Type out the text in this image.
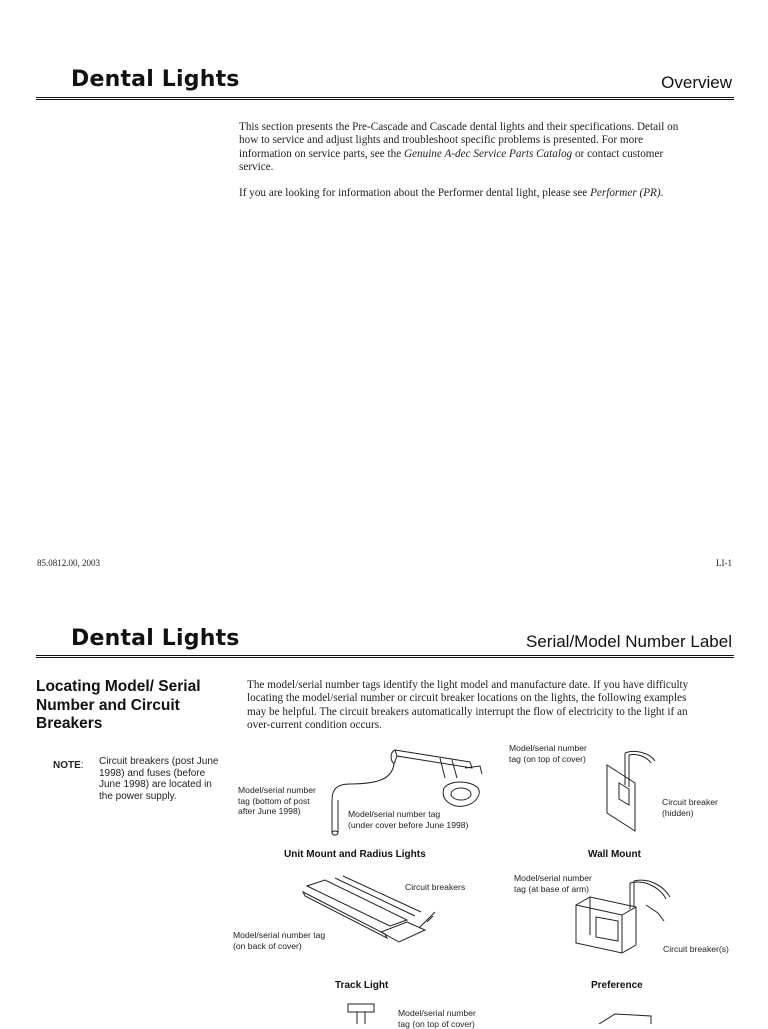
Dental Lights	Overview

This section presents the Pre-Cascade and Cascade dental lights and their specifications. Detail on how to service and adjust lights and troubleshoot specific problems is presented. For more information on service parts, see the Genuine A-dec Service Parts Catalog or contact customer service.

If you are looking for information about the Performer dental light, please see Performer (PR).

85.0812.00, 2003	LI-1
Dental Lights	Serial/Model Number Label
Locating Model/ Serial Number and Circuit Breakers
NOTE: Circuit breakers (post June 1998) and fuses (before June 1998) are located in the power supply.
The model/serial number tags identify the light model and manufacture date. If you have difficulty locating the model/serial number or circuit breaker locations on the lights, the following examples may be helpful. The circuit breakers automatically interrupt the flow of electricity to the light if an over-current condition occurs.
Model/serial number
tag (bottom of post
after June 1998)	Model/serial number tag
(under cover before June 1998)
Unit Mount and Radius Lights
Model/serial number
tag (on top of cover)
Circuit breaker
(hidden)
Wall Mount
Circuit breakers
Model/serial number tag
(on back of cover)
Track Light
Model/serial number
tag (at base of arm)
Circuit breaker(s)
Preference
Model/serial number
tag (on top of cover)
